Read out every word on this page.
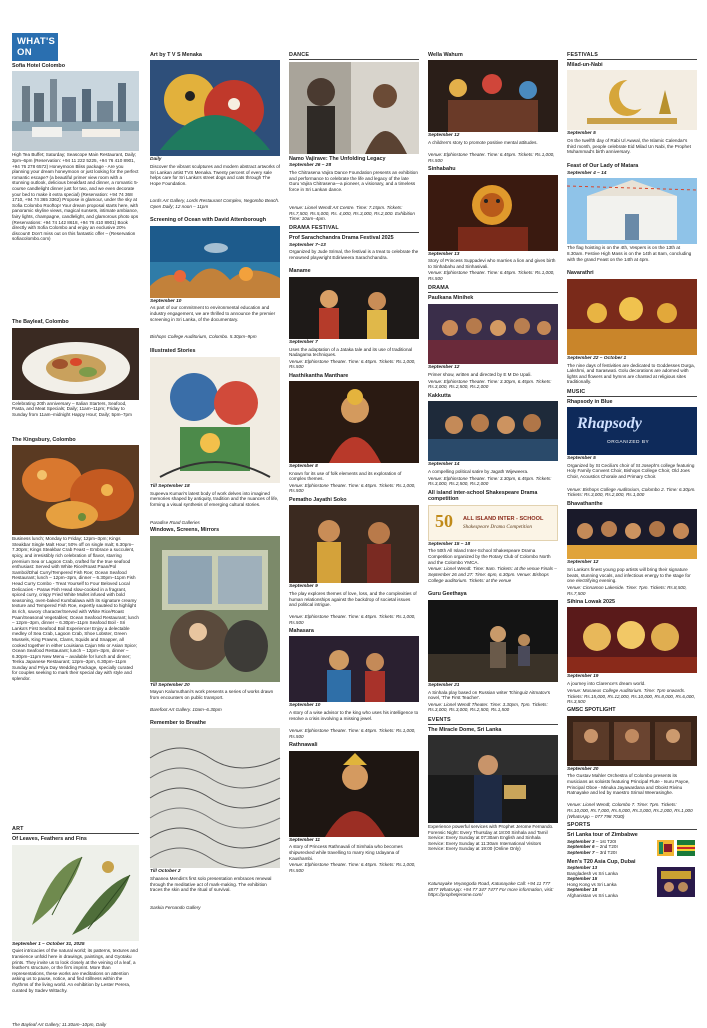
WHAT'S ON
Sofia Hotel Colombo
High Tea Buffet; Saturday; Seascope Main Restaurant, Daily; 3pm–6pm (Reservation: +94 11 222 5225, +94 76 410 8901, +94 76 278 6572) Honeymoon Bliss package - Are you planning your dream honeymoon or just looking for the perfect romantic escape? (a beautiful primer view room with a stunning outlook, delicious breakfast and dinner, a romantic 5-course candlelight dinner just for two, and we even decorate your bed to make it extra special) (Reservation: +94 74 368 1710, +94 74 365 3362) Propose in glamour, under the sky at Sofia Colombo Rooftop! Your dream proposal starts here, with panoramic skyline views, magical sunsets, intimate ambiance, fairy lights, champagne, candlelight, and glamorous photo ops (Reservations: +94 74 142 8618, +94 76 410 8901) Book directly with Sofia Colombo and enjoy an exclusive 20% discount! Don't miss out on this fantastic offer – (Reservation sofiacolombo.com)
The Bayleaf, Colombo
Celebrating 20th anniversary – Italian Starters, Seafood, Pasta, and Meat Specials; Daily; 11am–11pm; Friday to Sunday from 11am–midnight Happy Hour; Daily; 5pm–7pm
The Kingsbury, Colombo
Business lunch; Monday to Friday; 12pm–3pm; Kings Steakbar Single Malt Hour; 50% off on single malt; 6.30pm–7.30pm; Kings Steakbar Crab Feast – Embrace a succulent, spicy, and irresistibly rich celebration of flavor, starring premium Sea or Lagoon Crab, crafted for the true seafood enthusiast: Served with White Rice/Roast Paan/Pol Sambol/Dhal Curry/Tempered Fish Roe; Ocean Seafood Restaurant; lunch – 12pm–3pm, dinner – 6.30pm–11pm Fish Head Curry Combo - Treat Yourself to Four Beloved Local Delicacies - Paraw Fish Head slow-cooked in a fragrant, spiced curry, crispy Fried White Mullet infused with bold seasoning, oven-baked Kumbalawa with its signature creamy texture and Tempered Fish Roe, expertly sautéed to highlight its rich, savory character/Served with White Rice/Roast Paan/Seasonal Vegetables; Ocean Seafood Restaurant; lunch – 12pm–3pm, dinner – 6.30pm–11pm Seafood Boil - Sri Lanka's First Seafood Boil Experience! Enjoy a delectable medley of Sea Crab, Lagoon Crab, Shoe Lobster, Green Mussels, King Prawns, Clams, Squids and Snapper, all cooked together in either Louisiana Cajun Mix or Asian Spice; Ocean Seafood Restaurant; lunch – 12pm–3pm, dinner – 6.30pm–11pm New Menu – available for lunch and dinner; Tenku Japanese Restaurant; 12pm–3pm, 6.30pm–11pm Sunday and Priya Day Wedding Package, specially curated for couples seeking to mark their special day with style and splendor.
ART
Of Leaves, Feathers and Fins
September 1 – October 31, 2025
Quiet intricacies of the natural world; its patterns, textures and transience unfold here in drawings, paintings, and Gyotaku prints. They invite us to look closely at the veining of a leaf, a feather's structure, or the fin's imprint. More than representations, these works are meditations on attention asking us to pause, notice, and find stillness within the rhythms of the living world. An exhibition by Lester Perera, curated by Sadev Wittachy.
The Bayleaf Art Gallery; 11.30am–10pm, Daily
Art by T V S Menaka
Daily
Discover the vibrant sculptures and modern abstract artworks of Sri Lankan artist TVS Menaka. Twenty percent of every sale helps care for Sri Lanka's street dogs and cats through The Hope Foundation.
Lords Art Gallery, Lords Restaurant Complex, Negombo Beach. Open Daily; 12 noon – 11pm
Screening of Ocean with David Attenborough
September 10
As part of our commitment to environmental education and industry engagement, we are thrilled to announce the premier screening in Sri Lanka, of the documentary.
Bishops College Auditorium, Colombo. 5.30pm–9pm
Illustrated Stories
Till September 18
Supeeva Kumari's latest body of work delves into imagined memories shaped by antiquity, tradition and the nuances of life, forming a visual synthesis of emerging cultural stories.
Paradise Road Galleries
Windows, Screens, Mirrors
Till September 20
Mayun Kalumuthani's work presents a series of works drawn from encounters on public transport.
Barefoot Art Gallery. 10am–6.30pm
Remember to Breathe
Till October 2
Shaanea Mendis's first solo presentation embraces renewal through the meditative act of mark-making. The exhibition traces the skin and the ritual of survival.
Saskia Fernando Gallery
DANCE
Namo Vajirave: The Unfolding Legacy
September 26 – 28
The Chitrasena Vajira Dance Foundation presents an exhibition and performance to celebrate the life and legacy of the late Guru Vajira Chitrasena—a pioneer, a visionary, and a timeless force in Sri Lankan dance.
Venue: Lionel Wendt Art Centre. Time: 7.15pm. Tickets: Rs.7,500, Rs.5,000, Rs. 4,000, Rs.3,000, Rs.2,000. Exhibition Time: 10am–4pm.
DRAMA FESTIVAL
Prof Sarachchandra Drama Festival 2025
September 7–13
Organized by Jude Srimal, the festival is a treat to celebrate the renowned playwright Ediriweera Sarachchandra.
Maname
September 7
Uses the adaptation of a Jataka tale and its use of traditional Nadagama techniques.
Venue: Elphinstone Theater. Time: 6.45pm. Tickets: Rs.1,000, Rs.500
Hasthikantha Manthare
September 8
Known for its use of folk elements and its exploration of complex themes.
Venue: Elphinstone Theater. Time: 6.45pm. Tickets: Rs.1,000, Rs.500
Pematho Jayathi Soko
September 9
The play explores themes of love, loss, and the complexities of human relationships against the backdrop of societal issues and political intrigue.
Venue: Elphinstone Theater. Time: 6.45pm. Tickets: Rs.1,000, Rs.500
Mahasara
September 10
A story of a wise advisor to the king who uses his intelligence to resolve a crisis involving a missing jewel.
Venue: Elphinstone Theater. Time: 6.45pm. Tickets: Rs.1,000, Rs.500
Rathnawali
September 11
A story of Princess Rathnavali of Simhala who becomes shipwrecked while travelling to marry King Udayana of Kaushambi.
Venue: Elphinstone Theater. Time: 6.45pm. Tickets: Rs.1,000, Rs.500
Wella Wahum
September 12
A children's story to promote positive mental attitudes.
Venue: Elphinstone Theater. Time: 6.45pm. Tickets: Rs.1,000, Rs.500
Sinhabahu
September 13
Story of Princess Suppadevi who marries a lion and gives birth to Sinhabahu and Sinhasivali.
Venue: Elphinstone Theater. Time: 6.45pm. Tickets: Rs.1,000, Rs.500
DRAMA
Paulkana Minihek
September 12
Primer show, written and directed by E M De Upali.
Venue: Elphinstone Theater. Time: 3.30pm, 6.45pm. Tickets: Rs.3,000, Rs.2,500, Rs.2,000
Kakkutta
September 14
A compelling political satire by Jagath Wijeweera.
Venue: Elphinstone Theater. Time: 3.30pm, 6.45pm. Tickets: Rs.3,000, Rs.2,500, Rs.2,000
All island inter-school Shakespeare Drama competition
50 ALL ISLAND INTER - SCHOOL
Shakespeare Drama Competition
September 15 – 18
The 50th All Island Inter-School Shakespeare Drama Competition organized by the Rotary Club of Colombo North and the Colombo YMCA.
Venue: Lionel Wendt. Time: 9am. Tickets: at the venue Finals – September 26 and 27: Time: 6pm, 6.30pm. Venue: Bishops College auditorium. Tickets: at the venue
Guru Geethaya
September 21
A Sinhala play based on Russian writer Tchinguiz Aitmatov's novel, 'The First Teacher'.
Venue: Lionel Wendt Theater. Time: 3.30pm, 7pm. Tickets: Rs.3,000, Rs.3,000, Rs.2,500, Rs.1,500
EVENTS
The Miracle Dome, Sri Lanka
Experience powerful services with Prophet Jerome Fernando. Forensic Night: Every Thursday at 18:00 Sinhala and Tamil Service: Every Sunday at 07:30am English and Sinhala Service: Every Sunday at 11:30am International Visitors Service: Every Sunday at 19:00 (Online Only)
Katunayake Veyangoda Road, Katunayake Call: +94 11 777 4877 WhatsApp: +94 77 347 7477 For more information, visit: https://prophetjerome.com/
FESTIVALS
Milad-un-Nabi
September 5
On the twelfth day of Rabi Ul Awwal, the Islamic Calendar's third month, people celebrate Eid Milad Un Nabi, the Prophet Muhammad's birth anniversary.
Feast of Our Lady of Matara
September 4 – 14
The flag hoisting is on the 4th, Vespers is on the 13th at 8.30am. Festive High Mass is on the 14th at 8am, concluding with the grand Feast on the 14th at 4pm.
Navarathri
September 22 – October 1
The nine days of festivities are dedicated to Goddesses Durga, Lakshmi, and Saraswati. Golu decorations are adorned with lights and flowers and hymns are chanted at religious sites traditionally.
MUSIC
Rhapsody in Blue
Rhapsody
ORGANIZED BY
September 5
Organized by St Cecilia's choir of St Joseph's college featuring Holy Family Convent Choir, Bishops College Choir, Old Joes Choir, Acoustics Chorale and Primary Choir.
Venue: Bishops College Auditorium, Colombo 2. Time: 6.30pm. Tickets: Rs.3,000, Rs.2,000, Rs.1,000
Bhavathanthe
September 12
Sri Lanka's finest young pop artists will bring their signature beats, stunning vocals, and infectious energy to the stage for one electrifying evening.
Venue: Cinnamon Lakeside. Time: 7pm. Tickets: Rs.8,500, Rs.7,500
Sihina Lowak 2025
September 19
A journey into Clarence's dream world.
Venue: Musaeus College Auditorium. Time: 7pm onwards. Tickets: Rs.15,000, Rs.12,000, Rs.10,000, Rs.8,000, Rs.6,000, Rs.3,500
GMSC SPOTLIGHT
September 20
The Gustav Mahler Orchestra of Colombo presents its musicians as soloists featuring Principal Flute - Isuru Payoe, Principal Oboe - Minuka Jayawardana and Oboist Rivinu Ratnayake and led by maestro Srimal Weerasinghe.
Venue: Lionel Wendt, Colombo 7. Time: 7pm. Tickets: Rs.10,000, Rs.7,000, Rs.5,000, Rs.3,000, Rs.2,000, Rs.1,000 (WhatsApp – 077 798 7030)
SPORTS
Sri Lanka tour of Zimbabwe
September 3 – 1st T20I
September 6 – 2nd T20I
September 7 – 3rd T20I
Men's T20 Asia Cup, Dubai
September 13
Bangladesh vs Sri Lanka
September 15
Hong Kong vs Sri Lanka
September 18
Afghanistan vs Sri Lanka
